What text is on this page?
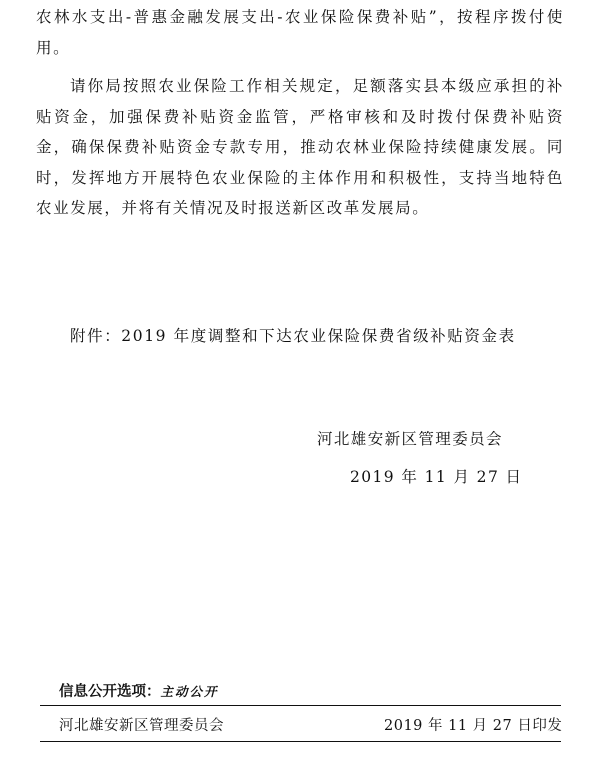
农林水支出-普惠金融发展支出-农业保险保费补贴”，按程序拨付使用。

请你局按照农业保险工作相关规定，足额落实县本级应承担的补贴资金，加强保费补贴资金监管，严格审核和及时拨付保费补贴资金，确保保费补贴资金专款专用，推动农林业保险持续健康发展。同时，发挥地方开展特色农业保险的主体作用和积极性，支持当地特色农业发展，并将有关情况及时报送新区改革发展局。

附件：2019 年度调整和下达农业保险保费省级补贴资金表

河北雄安新区管理委员会

2019 年 11 月 27 日

信息公开选项：主动公开

河北雄安新区管理委员会	2019 年 11 月 27 日印发
